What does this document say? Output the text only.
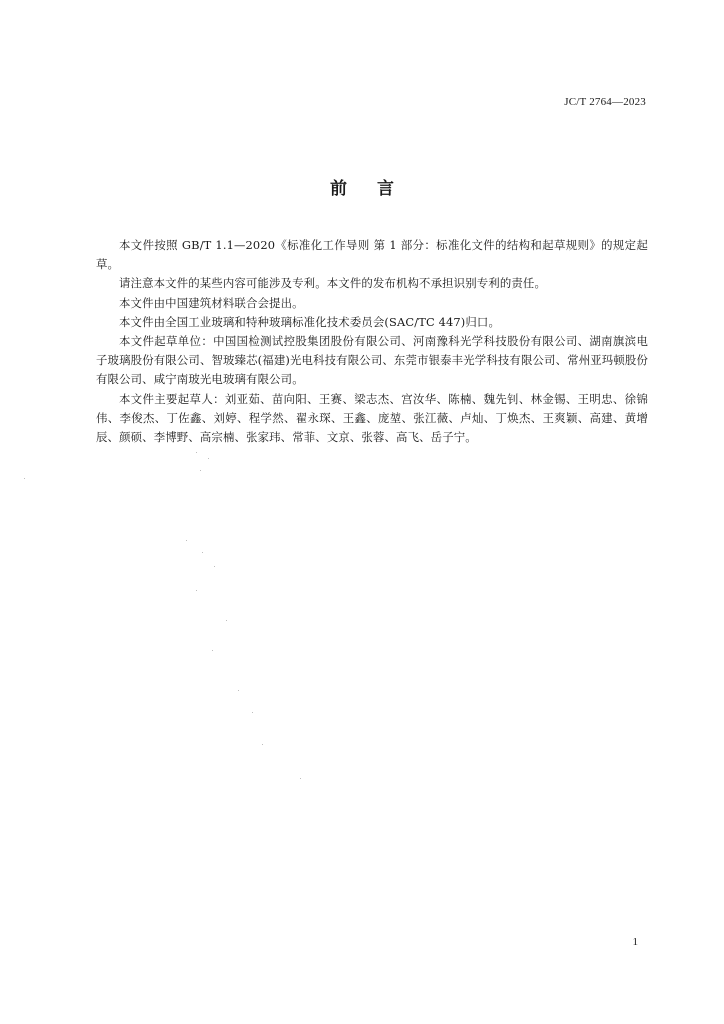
JC/T 2764—2023
前言

本文件按照 GB/T 1.1—2020《标准化工作导则 第 1 部分：标准化文件的结构和起草规则》的规定起草。

请注意本文件的某些内容可能涉及专利。本文件的发布机构不承担识别专利的责任。

本文件由中国建筑材料联合会提出。

本文件由全国工业玻璃和特种玻璃标准化技术委员会(SAC/TC 447)归口。

本文件起草单位：中国国检测试控股集团股份有限公司、河南豫科光学科技股份有限公司、湖南旗滨电子玻璃股份有限公司、智玻臻芯(福建)光电科技有限公司、东莞市银泰丰光学科技有限公司、常州亚玛顿股份有限公司、咸宁南玻光电玻璃有限公司。

本文件主要起草人：刘亚茹、苗向阳、王赛、梁志杰、宫汝华、陈楠、魏先钊、林金锡、王明忠、徐锦伟、李俊杰、丁佐鑫、刘婷、程学然、翟永琛、王鑫、庞堃、张江薇、卢灿、丁焕杰、王爽颖、高建、黄增辰、颜硕、李博野、高宗楠、张家玮、常菲、文京、张蓉、高飞、岳子宁。

1
